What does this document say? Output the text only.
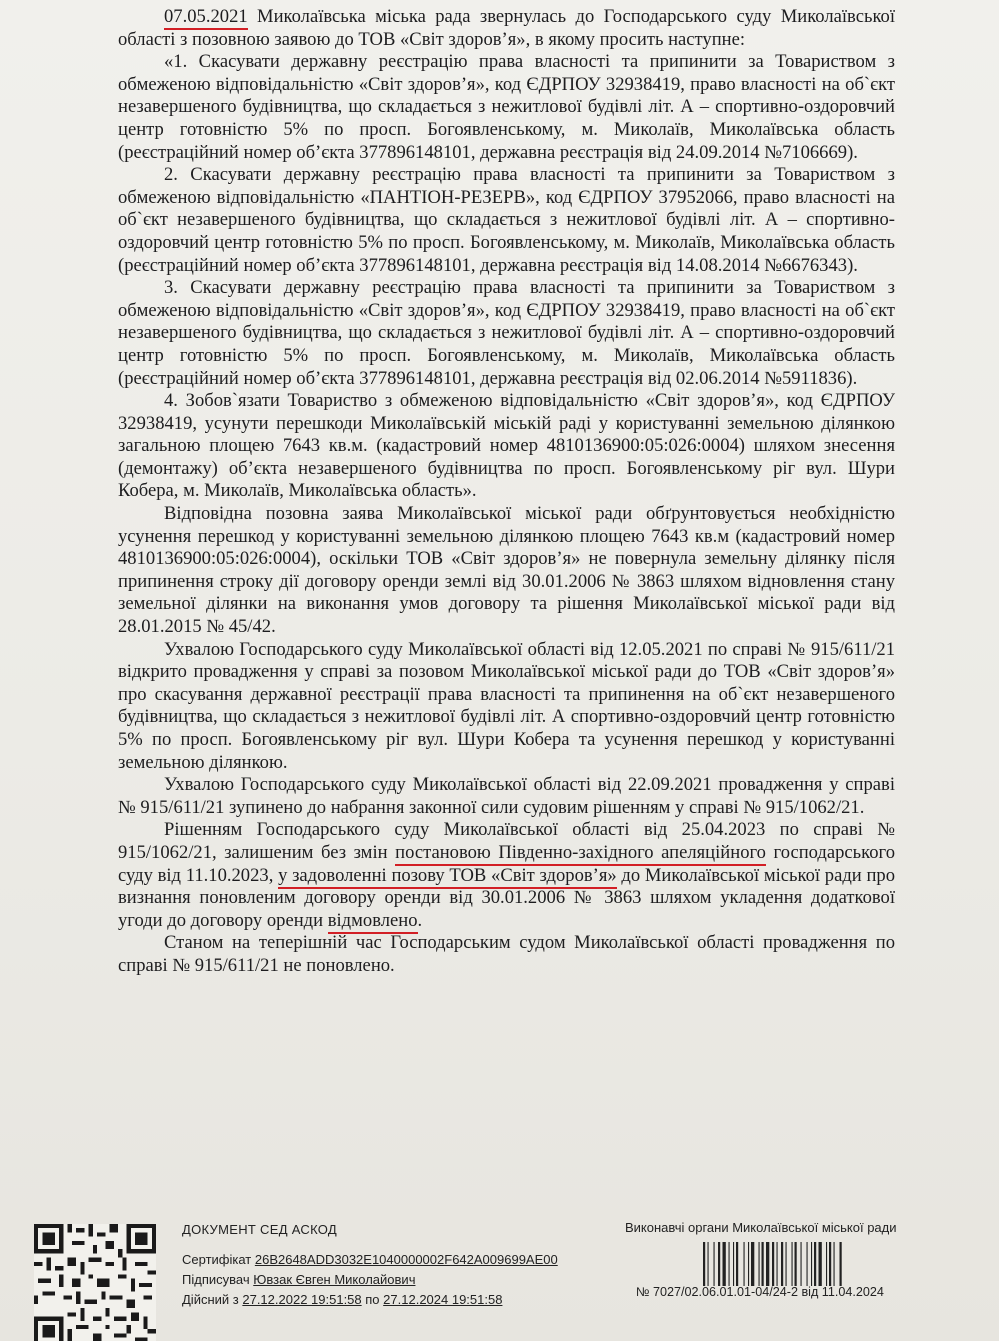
07.05.2021 Миколаївська міська рада звернулась до Господарського суду Миколаївської області з позовною заявою до ТОВ «Світ здоров’я», в якому просить наступне:

«1. Скасувати державну реєстрацію права власності та припинити за Товариством з обмеженою відповідальністю «Світ здоров’я», код ЄДРПОУ 32938419, право власності на об`єкт незавершеного будівництва, що складається з нежитлової будівлі літ. А – спортивно-оздоровчий центр готовністю 5% по просп. Богоявленському, м. Миколаїв, Миколаївська область (реєстраційний номер об’єкта 377896148101, державна реєстрація від 24.09.2014 №7106669).

2. Скасувати державну реєстрацію права власності та припинити за Товариством з обмеженою відповідальністю «ПАНТІОН-РЕЗЕРВ», код ЄДРПОУ 37952066, право власності на об`єкт незавершеного будівництва, що складається з нежитлової будівлі літ. А – спортивно-оздоровчий центр готовністю 5% по просп. Богоявленському, м. Миколаїв, Миколаївська область (реєстраційний номер об’єкта 377896148101, державна реєстрація від 14.08.2014 №6676343).

3. Скасувати державну реєстрацію права власності та припинити за Товариством з обмеженою відповідальністю «Світ здоров’я», код ЄДРПОУ 32938419, право власності на об`єкт незавершеного будівництва, що складається з нежитлової будівлі літ. А – спортивно-оздоровчий центр готовністю 5% по просп. Богоявленському, м. Миколаїв, Миколаївська область (реєстраційний номер об’єкта 377896148101, державна реєстрація від 02.06.2014 №5911836).

4. Зобов`язати Товариство з обмеженою відповідальністю «Світ здоров’я», код ЄДРПОУ 32938419, усунути перешкоди Миколаївській міській раді у користуванні земельною ділянкою загальною площею 7643 кв.м. (кадастровий номер 4810136900:05:026:0004) шляхом знесення (демонтажу) об’єкта незавершеного будівництва по просп. Богоявленському ріг вул. Шури Кобера, м. Миколаїв, Миколаївська область».

Відповідна позовна заява Миколаївської міської ради обґрунтовується необхідністю усунення перешкод у користуванні земельною ділянкою площею 7643 кв.м (кадастровий номер 4810136900:05:026:0004), оскільки ТОВ «Світ здоров’я» не повернула земельну ділянку після припинення строку дії договору оренди землі від 30.01.2006 № 3863 шляхом відновлення стану земельної ділянки на виконання умов договору та рішення Миколаївської міської ради від 28.01.2015 № 45/42.

Ухвалою Господарського суду Миколаївської області від 12.05.2021 по справі № 915/611/21 відкрито провадження у справі за позовом Миколаївської міської ради до ТОВ «Світ здоров’я» про скасування державної реєстрації права власності та припинення на об`єкт незавершеного будівництва, що складається з нежитлової будівлі літ. А спортивно-оздоровчий центр готовністю 5% по просп. Богоявленському ріг вул. Шури Кобера та усунення перешкод у користуванні земельною ділянкою.

Ухвалою Господарського суду Миколаївської області від 22.09.2021 провадження у справі № 915/611/21 зупинено до набрання законної сили судовим рішенням у справі № 915/1062/21.

Рішенням Господарського суду Миколаївської області від 25.04.2023 по справі № 915/1062/21, залишеним без змін постановою Південно-західного апеляційного господарського суду від 11.10.2023, у задоволенні позову ТОВ «Світ здоров’я» до Миколаївської міської ради про визнання поновленим договору оренди від 30.01.2006 № 3863 шляхом укладення додаткової угоди до договору оренди відмовлено.

Станом на теперішній час Господарським судом Миколаївської області провадження по справі № 915/611/21 не поновлено.

ДОКУМЕНТ СЕД АСКОД
Сертифікат 26B2648ADD3032E1040000002F642A009699AE00
Підписувач Ювзак Євген Миколайович
Дійсний з 27.12.2022 19:51:58 по 27.12.2024 19:51:58
Виконавчі органи Миколаївської міської ради
№ 7027/02.06.01.01-04/24-2 від 11.04.2024
